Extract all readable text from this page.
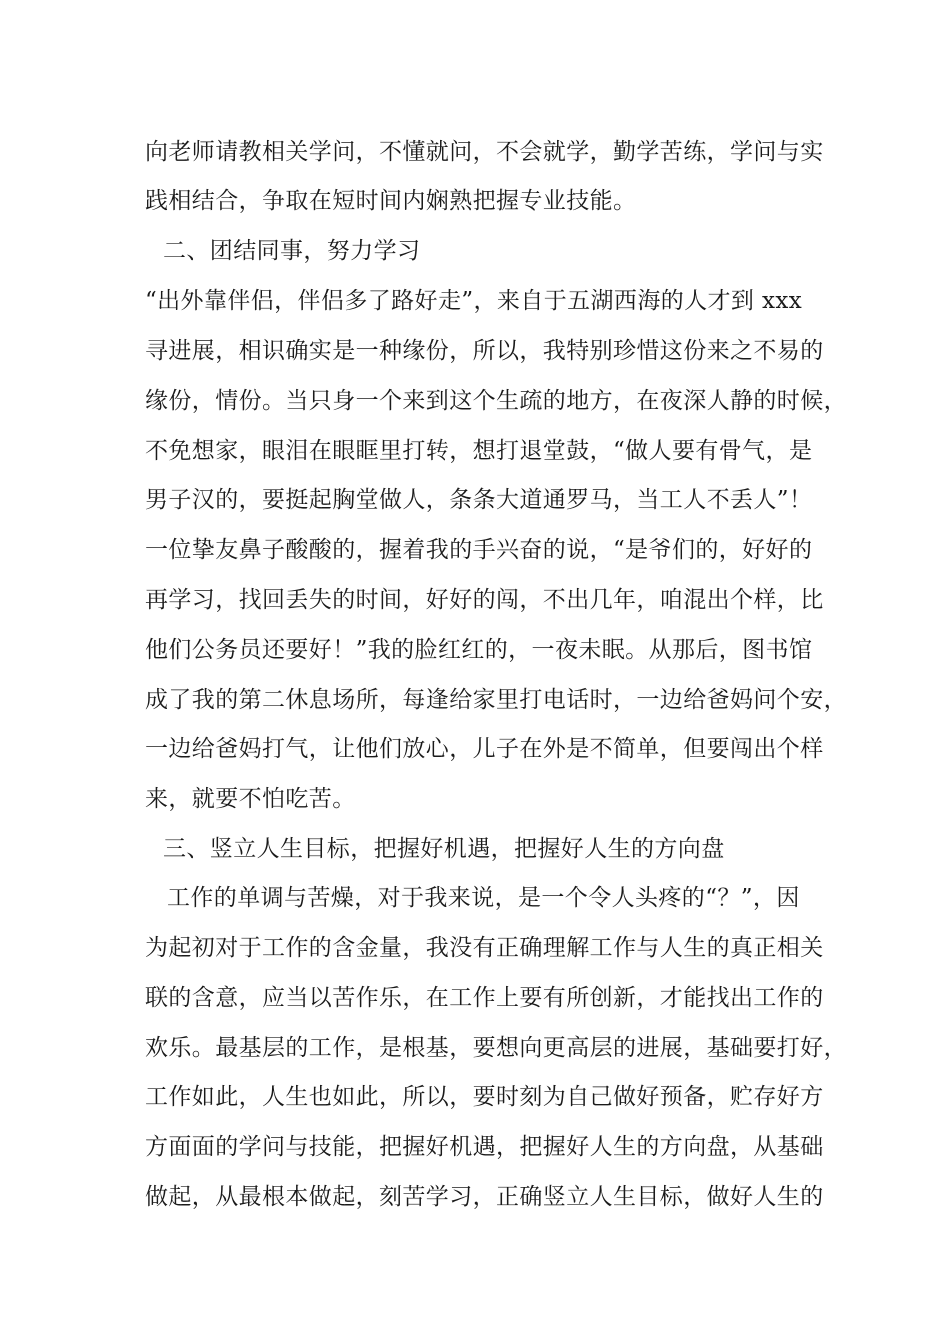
向老师请教相关学问，不懂就问，不会就学，勤学苦练，学问与实
践相结合，争取在短时间内娴熟把握专业技能。
二、团结同事，努力学习
“出外靠伴侣，伴侣多了路好走”，来自于五湖西海的人才到 xxx
寻进展，相识确实是一种缘份，所以，我特别珍惜这份来之不易的
缘份，情份。当只身一个来到这个生疏的地方，在夜深人静的时候，
不免想家，眼泪在眼眶里打转，想打退堂鼓，“做人要有骨气，是
男子汉的，要挺起胸堂做人，条条大道通罗马，当工人不丢人”！
一位挚友鼻子酸酸的，握着我的手兴奋的说，“是爷们的，好好的
再学习，找回丢失的时间，好好的闯，不出几年，咱混出个样，比
他们公务员还要好！”我的脸红红的，一夜未眠。从那后，图书馆
成了我的第二休息场所，每逢给家里打电话时，一边给爸妈问个安，
一边给爸妈打气，让他们放心，儿子在外是不简单，但要闯出个样
来，就要不怕吃苦。
三、竖立人生目标，把握好机遇，把握好人生的方向盘
工作的单调与苦燥，对于我来说，是一个令人头疼的“？”，因
为起初对于工作的含金量，我没有正确理解工作与人生的真正相关
联的含意，应当以苦作乐，在工作上要有所创新，才能找出工作的
欢乐。最基层的工作，是根基，要想向更高层的进展，基础要打好，
工作如此，人生也如此，所以，要时刻为自己做好预备，贮存好方
方面面的学问与技能，把握好机遇，把握好人生的方向盘，从基础
做起，从最根本做起，刻苦学习，正确竖立人生目标，做好人生的
